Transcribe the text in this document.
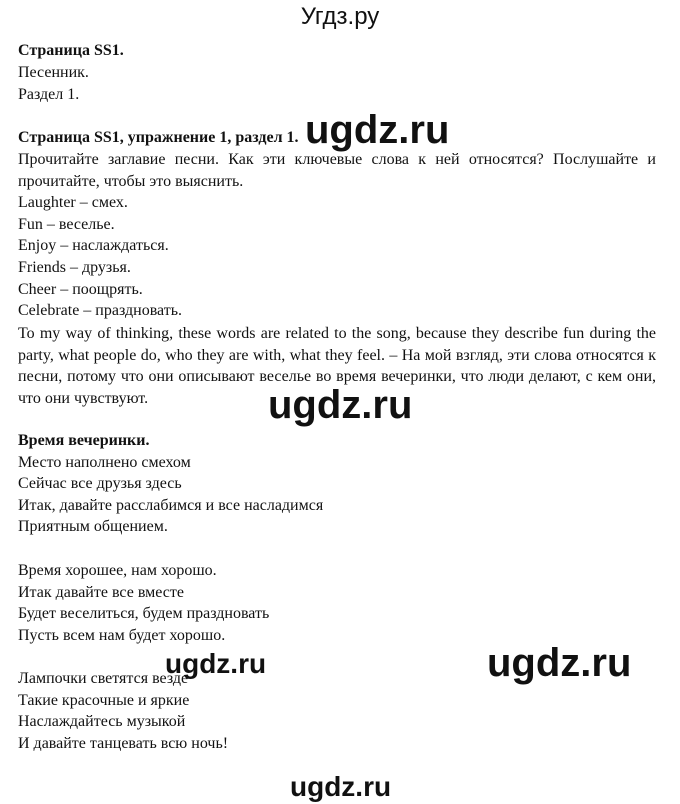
Угдз.ру
Страница SS1.
Песенник.
Раздел 1.
Страница SS1, упражнение 1, раздел 1.
Прочитайте заглавие песни. Как эти ключевые слова к ней относятся? Послушайте и прочитайте, чтобы это выяснить.
Laughter – смех.
Fun – веселье.
Enjoy – наслаждаться.
Friends – друзья.
Cheer – поощрять.
Celebrate – праздновать.
To my way of thinking, these words are related to the song, because they describe fun during the party, what people do, who they are with, what they feel. – На мой взгляд, эти слова относятся к песни, потому что они описывают веселье во время вечеринки, что люди делают, с кем они, что они чувствуют.
Время вечеринки.
Место наполнено смехом
Сейчас все друзья здесь
Итак, давайте расслабимся и все насладимся
Приятным общением.
Время хорошее, нам хорошо.
Итак давайте все вместе
Будет веселиться, будем праздновать
Пусть всем нам будет хорошо.
Лампочки светятся везде
Такие красочные и яркие
Наслаждайтесь музыкой
И давайте танцевать всю ночь!
ugdz.ru
ugdz.ru
ugdz.ru	ugdz.ru
ugdz.ru
